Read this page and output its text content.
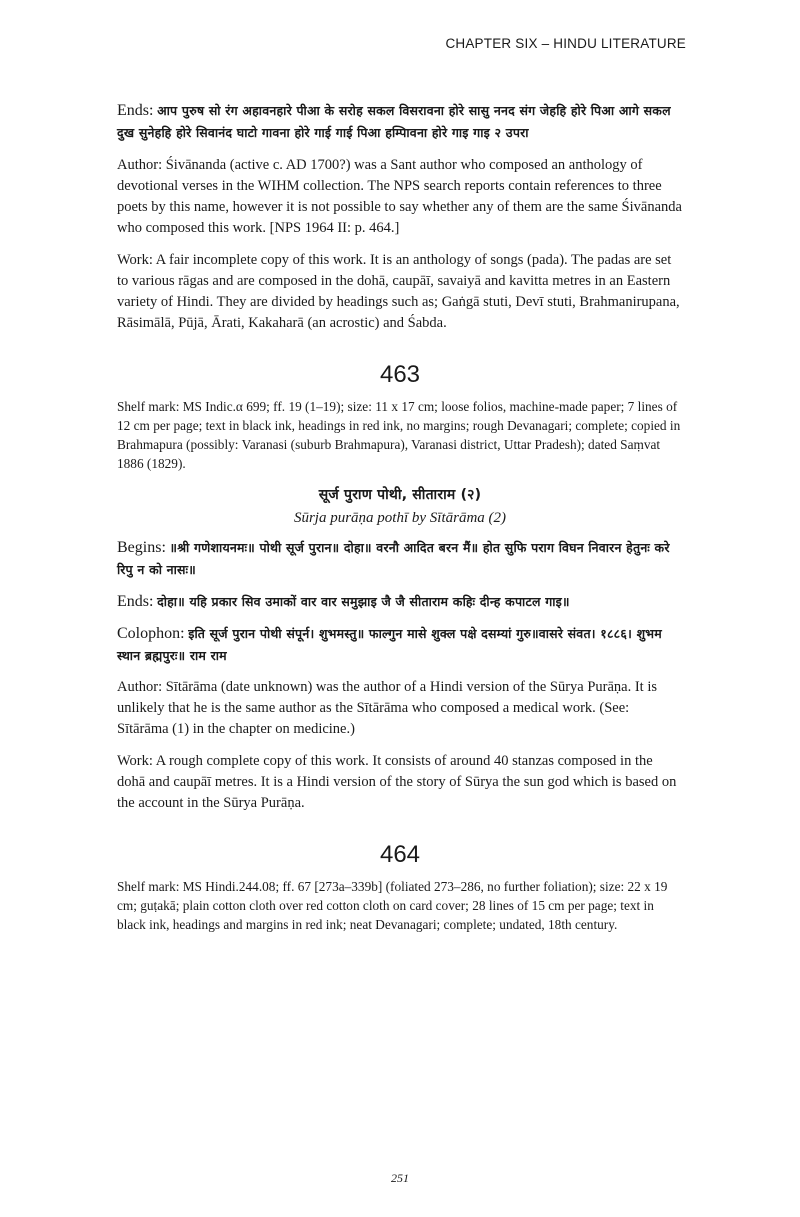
CHAPTER SIX – HINDU LITERATURE

Ends: आप पुरुष सो रंग अहावनहारे पीआ के सरोह सकल विसरावना होरे सासु ननद संग जेहहि होरे पिआ आगे सकल दुख सुनेहहि होरे सिवानंद घाटो गावना होरे गाई गाई पिआ हम्पिावना होरे गाइ गाइ २ उपरा

Author: Śivānanda (active c. AD 1700?) was a Sant author who composed an anthology of devotional verses in the WIHM collection. The NPS search reports contain references to three poets by this name, however it is not possible to say whether any of them are the same Śivānanda who composed this work. [NPS 1964 II: p. 464.]

Work: A fair incomplete copy of this work. It is an anthology of songs (pada). The padas are set to various rāgas and are composed in the dohā, caupāī, savaiyā and kavitta metres in an Eastern variety of Hindi. They are divided by headings such as; Gaṅgā stuti, Devī stuti, Brahmanirupana, Rāsimālā, Pūjā, Ārati, Kakaharā (an acrostic) and Śabda.

463

Shelf mark: MS Indic.α 699; ff. 19 (1–19); size: 11 x 17 cm; loose folios, machine-made paper; 7 lines of 12 cm per page; text in black ink, headings in red ink, no margins; rough Devanagari; complete; copied in Brahmapura (possibly: Varanasi (suburb Brahmapura), Varanasi district, Uttar Pradesh); dated Saṃvat 1886 (1829).

सूर्ज पुराण पोथी, सीताराम (२)
Sūrja purāṇa pothī by Sītārāma (2)

Begins: ॥श्री गणेशायनमः॥ पोथी सूर्ज पुरान॥ दोहा॥ वरनौ आदित बरन मैं॥ होत सुफि पराग विघन निवारन हेतुनः करे रिपु न को नासः॥

Ends: दोहा॥ यहि प्रकार सिव उमाकों वार वार समुझाइ जै जै सीताराम कहिः दीन्ह कपाटल गाइ॥

Colophon: इति सूर्ज पुरान पोथी संपूर्न। शुभमस्तु॥ फाल्गुन मासे शुक्ल पक्षे दसम्यां गुरु॥वासरे संवत। १८८६। शुभम स्थान ब्रह्मपुरः॥ राम राम

Author: Sītārāma (date unknown) was the author of a Hindi version of the Sūrya Purāṇa. It is unlikely that he is the same author as the Sītārāma who composed a medical work. (See: Sītārāma (1) in the chapter on medicine.)

Work: A rough complete copy of this work. It consists of around 40 stanzas composed in the dohā and caupāī metres. It is a Hindi version of the story of Sūrya the sun god which is based on the account in the Sūrya Purāṇa.

464

Shelf mark: MS Hindi.244.08; ff. 67 [273a–339b] (foliated 273–286, no further foliation); size: 22 x 19 cm; guṭakā; plain cotton cloth over red cotton cloth on card cover; 28 lines of 15 cm per page; text in black ink, headings and margins in red ink; neat Devanagari; complete; undated, 18th century.

251
